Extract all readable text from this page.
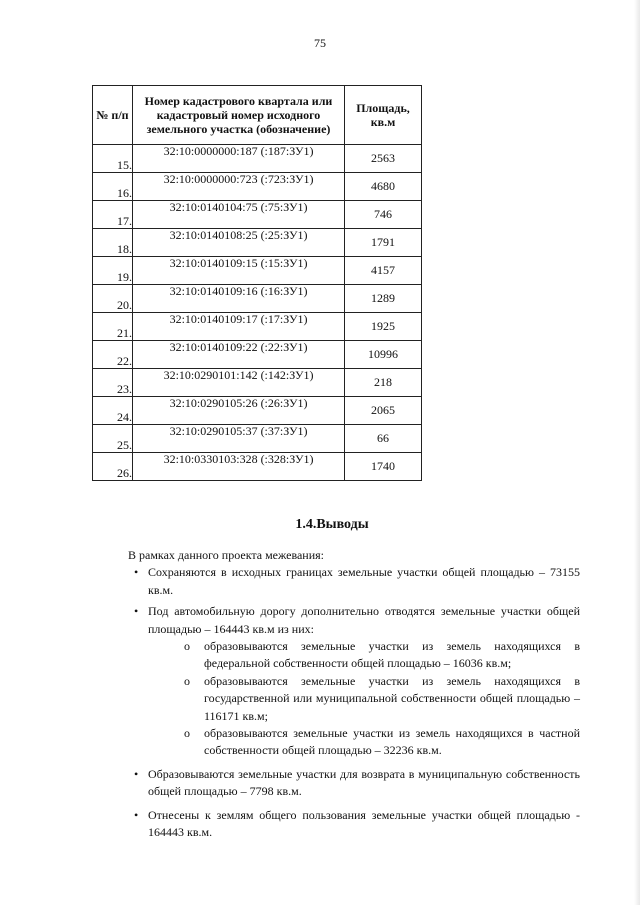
75
№ п/п	Номер кадастрового квартала или кадастровый номер исходного земельного участка (обозначение)	Площадь, кв.м
15.	32:10:0000000:187 (:187:ЗУ1)	2563
16.	32:10:0000000:723 (:723:ЗУ1)	4680
17.	32:10:0140104:75 (:75:ЗУ1)	746
18.	32:10:0140108:25 (:25:ЗУ1)	1791
19.	32:10:0140109:15 (:15:ЗУ1)	4157
20.	32:10:0140109:16 (:16:ЗУ1)	1289
21.	32:10:0140109:17 (:17:ЗУ1)	1925
22.	32:10:0140109:22 (:22:ЗУ1)	10996
23.	32:10:0290101:142 (:142:ЗУ1)	218
24.	32:10:0290105:26 (:26:ЗУ1)	2065
25.	32:10:0290105:37 (:37:ЗУ1)	66
26.	32:10:0330103:328 (:328:ЗУ1)	1740
1.4.Выводы

В рамках данного проекта межевания:

• Сохраняются в исходных границах земельные участки общей площадью – 73155 кв.м.
• Под автомобильную дорогу дополнительно отводятся земельные участки общей площадью – 164443 кв.м из них:
o образовываются земельные участки из земель находящихся в федеральной собственности общей площадью – 16036 кв.м;
o образовываются земельные участки из земель находящихся в государственной или муниципальной собственности общей площадью – 116171 кв.м;
o образовываются земельные участки из земель находящихся в частной собственности общей площадью – 32236 кв.м.
• Образовываются земельные участки для возврата в муниципальную собственность общей площадью – 7798 кв.м.
• Отнесены к землям общего пользования земельные участки общей площадью - 164443 кв.м.
